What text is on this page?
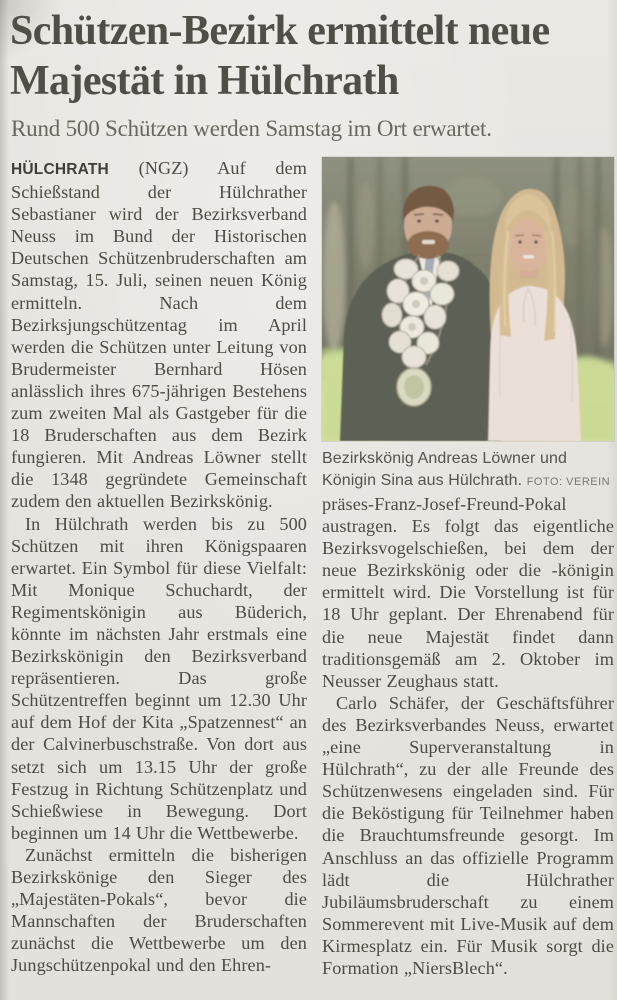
Schützen-Bezirk ermittelt neue Majestät in Hülchrath
Rund 500 Schützen werden Samstag im Ort erwartet.

HÜLCHRATH (NGZ) Auf dem Schießstand der Hülchrather Sebastianer wird der Bezirksverband Neuss im Bund der Historischen Deutschen Schützenbruderschaften am Samstag, 15. Juli, seinen neuen König ermitteln. Nach dem Bezirksjungschützentag im April werden die Schützen unter Leitung von Brudermeister Bernhard Hösen anlässlich ihres 675-jährigen Bestehens zum zweiten Mal als Gastgeber für die 18 Bruderschaften aus dem Bezirk fungieren. Mit Andreas Löwner stellt die 1348 gegründete Gemeinschaft zudem den aktuellen Bezirkskönig.

In Hülchrath werden bis zu 500 Schützen mit ihren Königspaaren erwartet. Ein Symbol für diese Vielfalt: Mit Monique Schuchardt, der Regimentskönigin aus Büderich, könnte im nächsten Jahr erstmals eine Bezirkskönigin den Bezirksverband repräsentieren. Das große Schützentreffen beginnt um 12.30 Uhr auf dem Hof der Kita „Spatzennest“ an der Calvinerbuschstraße. Von dort aus setzt sich um 13.15 Uhr der große Festzug in Richtung Schützenplatz und Schießwiese in Bewegung. Dort beginnen um 14 Uhr die Wettbewerbe.

Zunächst ermitteln die bisherigen Bezirkskönige den Sieger des „Majestäten-Pokals“, bevor die Mannschaften der Bruderschaften zunächst die Wettbewerbe um den Jungschützenpokal und den Ehren-

Bezirkskönig Andreas Löwner und Königin Sina aus Hülchrath. FOTO: VEREIN

präses-Franz-Josef-Freund-Pokal austragen. Es folgt das eigentliche Bezirksvogelschießen, bei dem der neue Bezirkskönig oder die -königin ermittelt wird. Die Vorstellung ist für 18 Uhr geplant. Der Ehrenabend für die neue Majestät findet dann traditionsgemäß am 2. Oktober im Neusser Zeughaus statt.

Carlo Schäfer, der Geschäftsführer des Bezirksverbandes Neuss, erwartet „eine Superveranstaltung in Hülchrath“, zu der alle Freunde des Schützenwesens eingeladen sind. Für die Beköstigung für Teilnehmer haben die Brauchtumsfreunde gesorgt. Im Anschluss an das offizielle Programm lädt die Hülchrather Jubiläumsbruderschaft zu einem Sommerevent mit Live-Musik auf dem Kirmesplatz ein. Für Musik sorgt die Formation „NiersBlech“.
